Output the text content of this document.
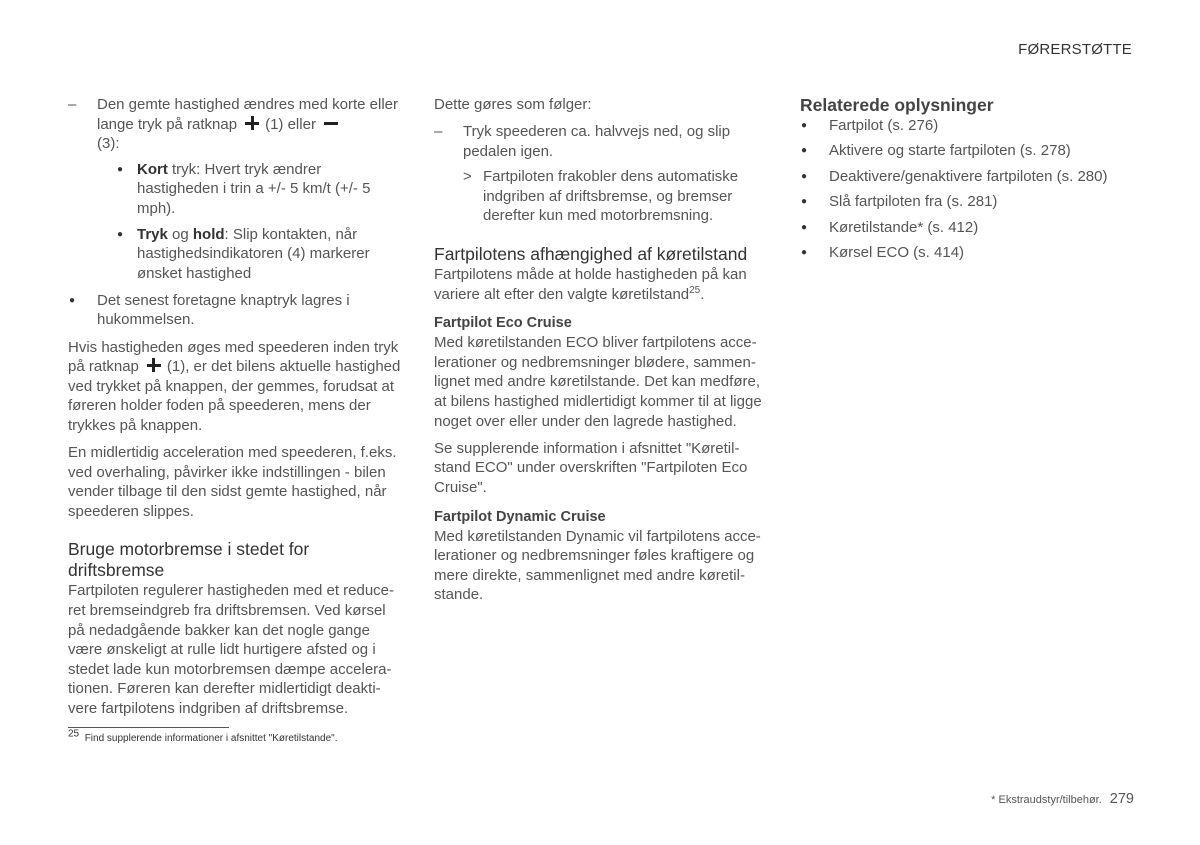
FØRERSTØTTE
– Den gemte hastighed ændres med korte eller lange tryk på ratknap (1) eller
(3):
● Kort tryk: Hvert tryk ændrer hastigheden i trin a +/- 5 km/t (+/- 5 mph).
● Tryk og hold: Slip kontakten, når hastighedsindikatoren (4) markerer ønsket hastighed
● Det senest foretagne knaptryk lagres i hukommelsen.

Hvis hastigheden øges med speederen inden tryk på ratknap (1), er det bilens aktuelle hastighed ved trykket på knappen, der gemmes, forudsat at føreren holder foden på speederen, mens der trykkes på knappen.

En midlertidig acceleration med speederen, f.eks. ved overhaling, påvirker ikke indstillingen - bilen vender tilbage til den sidst gemte hastighed, når speederen slippes.

Bruge motorbremse i stedet for driftsbremse

Fartpiloten regulerer hastigheden med et reduceret bremseindgreb fra driftsbremsen. Ved kørsel på nedadgående bakker kan det nogle gange være ønskeligt at rulle lidt hurtigere afsted og i stedet lade kun motorbremsen dæmpe accelerationen. Føreren kan derefter midlertidigt deaktivere fartpilotens indgriben af driftsbremse.

Dette gøres som følger:

– Tryk speederen ca. halvvejs ned, og slip pedalen igen.
> Fartpiloten frakobler dens automatiske indgriben af driftsbremse, og bremser derefter kun med motorbremsning.
Fartpilotens afhængighed af køretilstand

Fartpilotens måde at holde hastigheden på kan variere alt efter den valgte køretilstand$^{25}$.

Fartpilot Eco Cruise

Med køretilstanden ECO bliver fartpilotens accelerationer og nedbremsninger blødere, sammenlignet med andre køretilstande. Det kan medføre, at bilens hastighed midlertidigt kommer til at ligge noget over eller under den lagrede hastighed.

Se supplerende information i afsnittet "Køretilstand ECO" under overskriften "Fartpiloten Eco Cruise".

Fartpilot Dynamic Cruise

Med køretilstanden Dynamic vil fartpilotens accelerationer og nedbremsninger føles kraftigere og mere direkte, sammenlignet med andre køretilstande.

Relaterede oplysninger
● Fartpilot (s. 276)
● Aktivere og starte fartpiloten (s. 278)
● Deaktivere/genaktivere fartpiloten (s. 280)
● Slå fartpiloten fra (s. 281)
● Køretilstande* (s. 412)
● Kørsel ECO (s. 414)
$^{25}$ Find supplerende informationer i afsnittet "Køretilstande".
* Ekstraudstyr/tilbehør. 279
